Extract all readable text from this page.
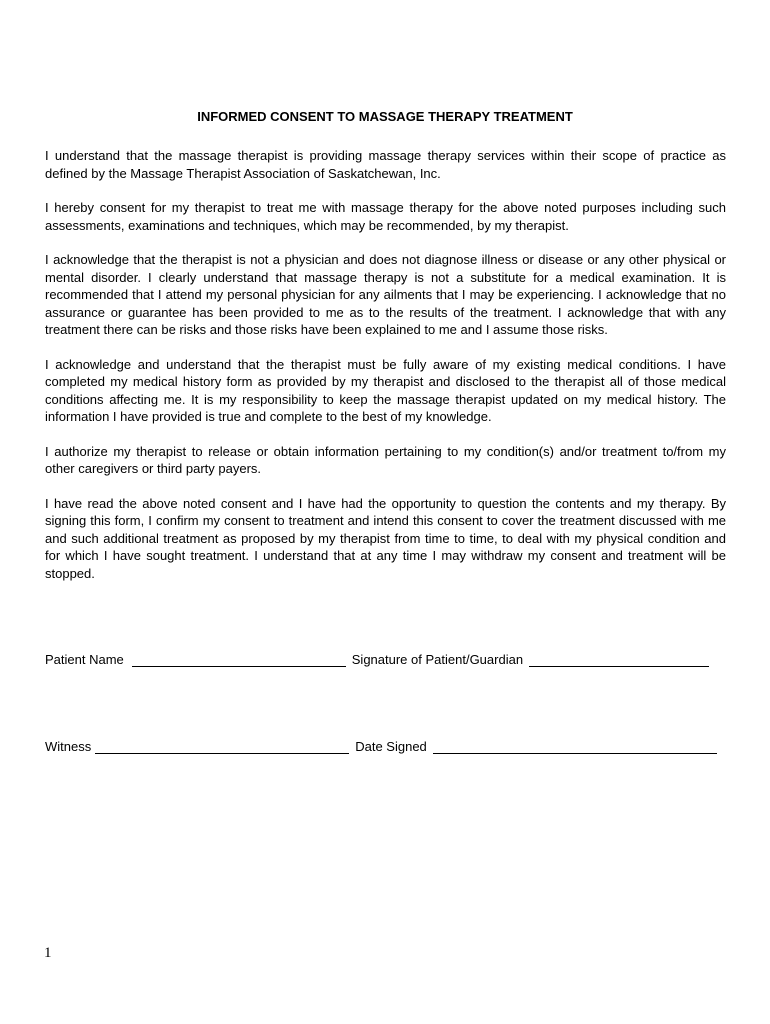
INFORMED CONSENT TO MASSAGE THERAPY TREATMENT

I understand that the massage therapist is providing massage therapy services within their scope of practice as defined by the Massage Therapist Association of Saskatchewan, Inc.

I hereby consent for my therapist to treat me with massage therapy for the above noted purposes including such assessments, examinations and techniques, which may be recommended, by my therapist.

I acknowledge that the therapist is not a physician and does not diagnose illness or disease or any other physical or mental disorder. I clearly understand that massage therapy is not a substitute for a medical examination. It is recommended that I attend my personal physician for any ailments that I may be experiencing. I acknowledge that no assurance or guarantee has been provided to me as to the results of the treatment. I acknowledge that with any treatment there can be risks and those risks have been explained to me and I assume those risks.

I acknowledge and understand that the therapist must be fully aware of my existing medical conditions. I have completed my medical history form as provided by my therapist and disclosed to the therapist all of those medical conditions affecting me. It is my responsibility to keep the massage therapist updated on my medical history. The information I have provided is true and complete to the best of my knowledge.

I authorize my therapist to release or obtain information pertaining to my condition(s) and/or treatment to/from my other caregivers or third party payers.

I have read the above noted consent and I have had the opportunity to question the contents and my therapy. By signing this form, I confirm my consent to treatment and intend this consent to cover the treatment discussed with me and such additional treatment as proposed by my therapist from time to time, to deal with my physical condition and for which I have sought treatment. I understand that at any time I may withdraw my consent and treatment will be stopped.

Patient Name	Signature of Patient/Guardian
Witness	Date Signed
1
